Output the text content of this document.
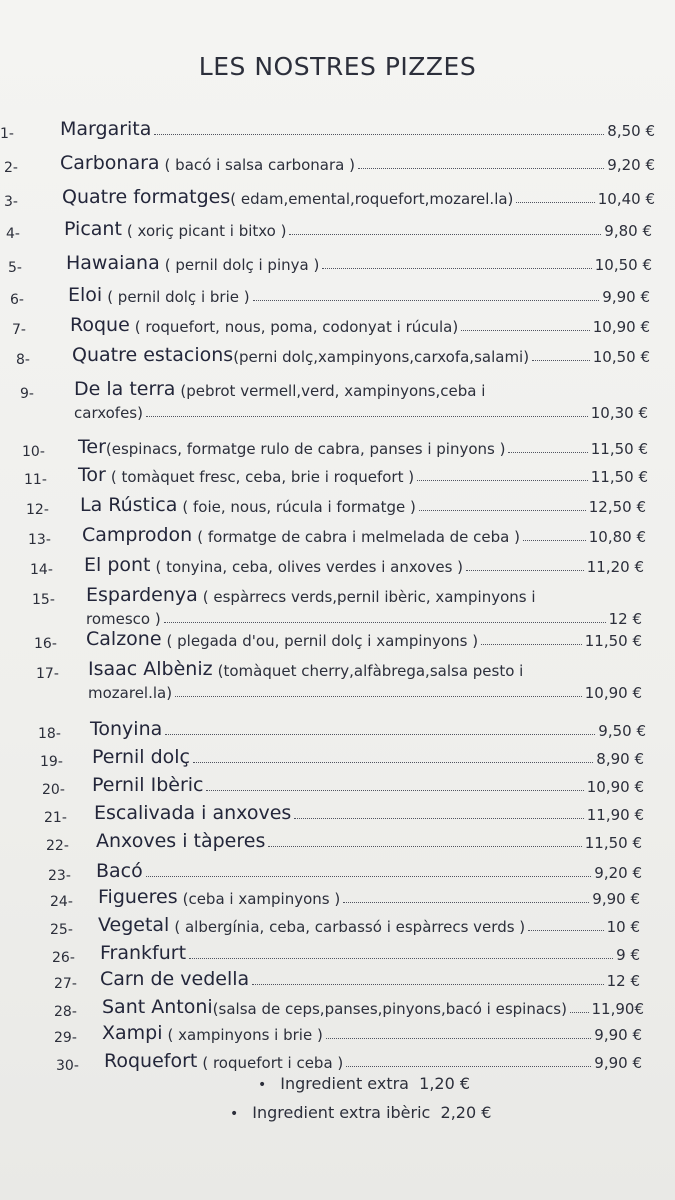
LES NOSTRES PIZZES
1- Margarita	8,50 €
2- Carbonara ( bacó i salsa carbonara )	9,20 €
3- Quatre formatges ( edam,emental,roquefort,mozarel.la)	10,40 €
4- Picant ( xoriç picant i bitxo )	9,80 €
5- Hawaiana ( pernil dolç i pinya )	10,50 €
6- Eloi ( pernil dolç i brie )	9,90 €
7- Roque ( roquefort, nous, poma, codonyat i rúcula)	10,90 €
8- Quatre estacions (perni dolç,xampinyons,carxofa,salami)	10,50 €
9- De la terra (pebrot vermell,verd, xampinyons,ceba i
carxofes)	10,30 €
10- Ter (espinacs, formatge rulo de cabra, panses i pinyons )	11,50 €
11- Tor ( tomàquet fresc, ceba, brie i roquefort )	11,50 €
12- La Rústica ( foie, nous, rúcula i formatge )	12,50 €
13- Camprodon ( formatge de cabra i melmelada de ceba )	10,80 €
14- El pont ( tonyina, ceba, olives verdes i anxoves )	11,20 €
15- Espardenya ( espàrrecs verds,pernil ibèric, xampinyons i
romesco )	12 €
16- Calzone ( plegada d'ou, pernil dolç i xampinyons )	11,50 €
17- Isaac Albèniz (tomàquet cherry,alfàbrega,salsa pesto i
mozarel.la)	10,90 €
18- Tonyina	9,50 €
19- Pernil dolç	8,90 €
20- Pernil Ibèric	10,90 €
21- Escalivada i anxoves	11,90 €
22- Anxoves i tàperes	11,50 €
23- Bacó	9,20 €
24- Figueres (ceba i xampinyons )	9,90 €
25- Vegetal ( albergínia, ceba, carbassó i espàrrecs verds )	10 €
26- Frankfurt	9 €
27- Carn de vedella	12 €
28- Sant Antoni (salsa de ceps,panses,pinyons,bacó i espinacs) 11,90€
29- Xampi ( xampinyons i brie )	9,90 €
30- Roquefort ( roquefort i ceba )	9,90 €
• Ingredient extra 1,20 €
• Ingredient extra ibèric 2,20 €
